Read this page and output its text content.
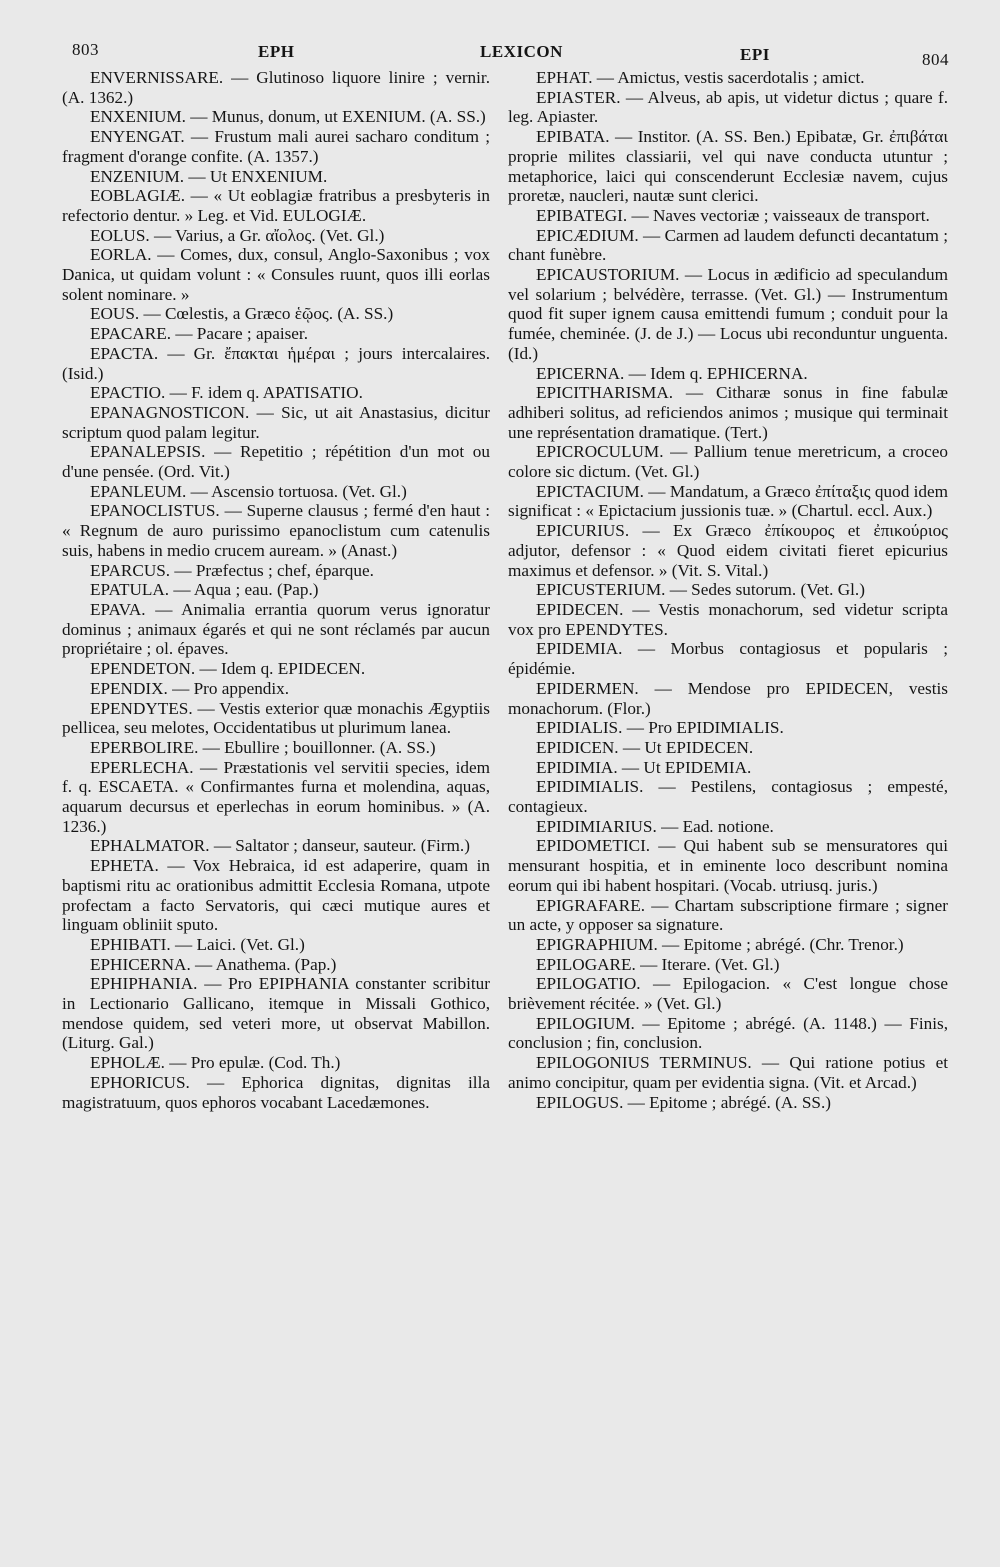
803	EPH	LEXICON	EPI	804

ENVERNISSARE. — Glutinoso liquore linire ; vernir. (A. 1362.)

ENXENIUM. — Munus, donum, ut EXENIUM. (A. SS.)

ENYENGAT. — Frustum mali aurei sacharo conditum ; fragment d'orange confite. (A. 1357.)

ENZENIUM. — Ut ENXENIUM.

EOBLAGIÆ. — « Ut eoblagiæ fratribus a presbyteris in refectorio dentur. » Leg. et Vid. EULOGIÆ.

EOLUS. — Varius, a Gr. αἴολος. (Vet. Gl.)

EORLA. — Comes, dux, consul, Anglo-Saxonibus ; vox Danica, ut quidam volunt : « Consules ruunt, quos illi eorlas solent nominare. »

EOUS. — Cœlestis, a Græco ἑῷος. (A. SS.)

EPACARE. — Pacare ; apaiser.

EPACTA. — Gr. ἔπακται ἡμέραι ; jours intercalaires. (Isid.)

EPACTIO. — F. idem q. APATISATIO.

EPANAGNOSTICON. — Sic, ut ait Anastasius, dicitur scriptum quod palam legitur.

EPANALEPSIS. — Repetitio ; répétition d'un mot ou d'une pensée. (Ord. Vit.)

EPANLEUM. — Ascensio tortuosa. (Vet. Gl.)

EPANOCLISTUS. — Superne clausus ; fermé d'en haut : « Regnum de auro purissimo epanoclistum cum catenulis suis, habens in medio crucem auream. » (Anast.)

EPARCUS. — Præfectus ; chef, éparque.

EPATULA. — Aqua ; eau. (Pap.)

EPAVA. — Animalia errantia quorum verus ignoratur dominus ; animaux égarés et qui ne sont réclamés par aucun propriétaire ; ol. épaves.

EPENDETON. — Idem q. EPIDECEN.

EPENDIX. — Pro appendix.

EPENDYTES. — Vestis exterior quæ monachis Ægyptiis pellicea, seu melotes, Occidentatibus ut plurimum lanea.

EPERBOLIRE. — Ebullire ; bouillonner. (A. SS.)

EPERLECHA. — Præstationis vel servitii species, idem f. q. ESCAETA. « Confirmantes furna et molendina, aquas, aquarum decursus et eperlechas in eorum hominibus. » (A. 1236.)

EPHALMATOR. — Saltator ; danseur, sauteur. (Firm.)

EPHETA. — Vox Hebraica, id est adaperire, quam in baptismi ritu ac orationibus admittit Ecclesia Romana, utpote profectam a facto Servatoris, qui cæci mutique aures et linguam obliniit sputo.

EPHIBATI. — Laici. (Vet. Gl.)

EPHICERNA. — Anathema. (Pap.)

EPHIPHANIA. — Pro EPIPHANIA constanter scribitur in Lectionario Gallicano, itemque in Missali Gothico, mendose quidem, sed veteri more, ut observat Mabillon. (Liturg. Gal.)

EPHOLÆ. — Pro epulæ. (Cod. Th.)

EPHORICUS. — Ephorica dignitas, dignitas illa magistratuum, quos ephoros vocabant Lacedæmones.

EPHAT. — Amictus, vestis sacerdotalis ; amict.

EPIASTER. — Alveus, ab apis, ut videtur dictus ; quare f. leg. Apiaster.

EPIBATA. — Institor. (A. SS. Ben.) Epibatæ, Gr. ἐπιβάται proprie milites classiarii, vel qui nave conducta utuntur ; metaphorice, laici qui conscenderunt Ecclesiæ navem, cujus proretæ, naucleri, nautæ sunt clerici.

EPIBATEGI. — Naves vectoriæ ; vaisseaux de transport.

EPICÆDIUM. — Carmen ad laudem defuncti decantatum ; chant funèbre.

EPICAUSTORIUM. — Locus in ædificio ad speculandum vel solarium ; belvédère, terrasse. (Vet. Gl.) — Instrumentum quod fit super ignem causa emittendi fumum ; conduit pour la fumée, cheminée. (J. de J.) — Locus ubi reconduntur unguenta. (Id.)

EPICERNA. — Idem q. EPHICERNA.

EPICITHARISMA. — Citharæ sonus in fine fabulæ adhiberi solitus, ad reficiendos animos ; musique qui terminait une représentation dramatique. (Tert.)

EPICROCULUM. — Pallium tenue meretricum, a croceo colore sic dictum. (Vet. Gl.)

EPICTACIUM. — Mandatum, a Græco ἐπίταξις quod idem significat : « Epictacium jussionis tuæ. » (Chartul. eccl. Aux.)

EPICURIUS. — Ex Græco ἐπίκουρος et ἐπικούριος adjutor, defensor : « Quod eidem civitati fieret epicurius maximus et defensor. » (Vit. S. Vital.)

EPICUSTERIUM. — Sedes sutorum. (Vet. Gl.)

EPIDECEN. — Vestis monachorum, sed videtur scripta vox pro EPENDYTES.

EPIDEMIA. — Morbus contagiosus et popularis ; épidémie.

EPIDERMEN. — Mendose pro EPIDECEN, vestis monachorum. (Flor.)

EPIDIALIS. — Pro EPIDIMIALIS.

EPIDICEN. — Ut EPIDECEN.

EPIDIMIA. — Ut EPIDEMIA.

EPIDIMIALIS. — Pestilens, contagiosus ; empesté, contagieux.

EPIDIMIARIUS. — Ead. notione.

EPIDOMETICI. — Qui habent sub se mensuratores qui mensurant hospitia, et in eminente loco describunt nomina eorum qui ibi habent hospitari. (Vocab. utriusq. juris.)

EPIGRAFARE. — Chartam subscriptione firmare ; signer un acte, y opposer sa signature.

EPIGRAPHIUM. — Epitome ; abrégé. (Chr. Trenor.)

EPILOGARE. — Iterare. (Vet. Gl.)

EPILOGATIO. — Epilogacion. « C'est longue chose brièvement récitée. » (Vet. Gl.)

EPILOGIUM. — Epitome ; abrégé. (A. 1148.) — Finis, conclusion ; fin, conclusion.

EPILOGONIUS TERMINUS. — Qui ratione potius et animo concipitur, quam per evidentia signa. (Vit. et Arcad.)

EPILOGUS. — Epitome ; abrégé. (A. SS.)
